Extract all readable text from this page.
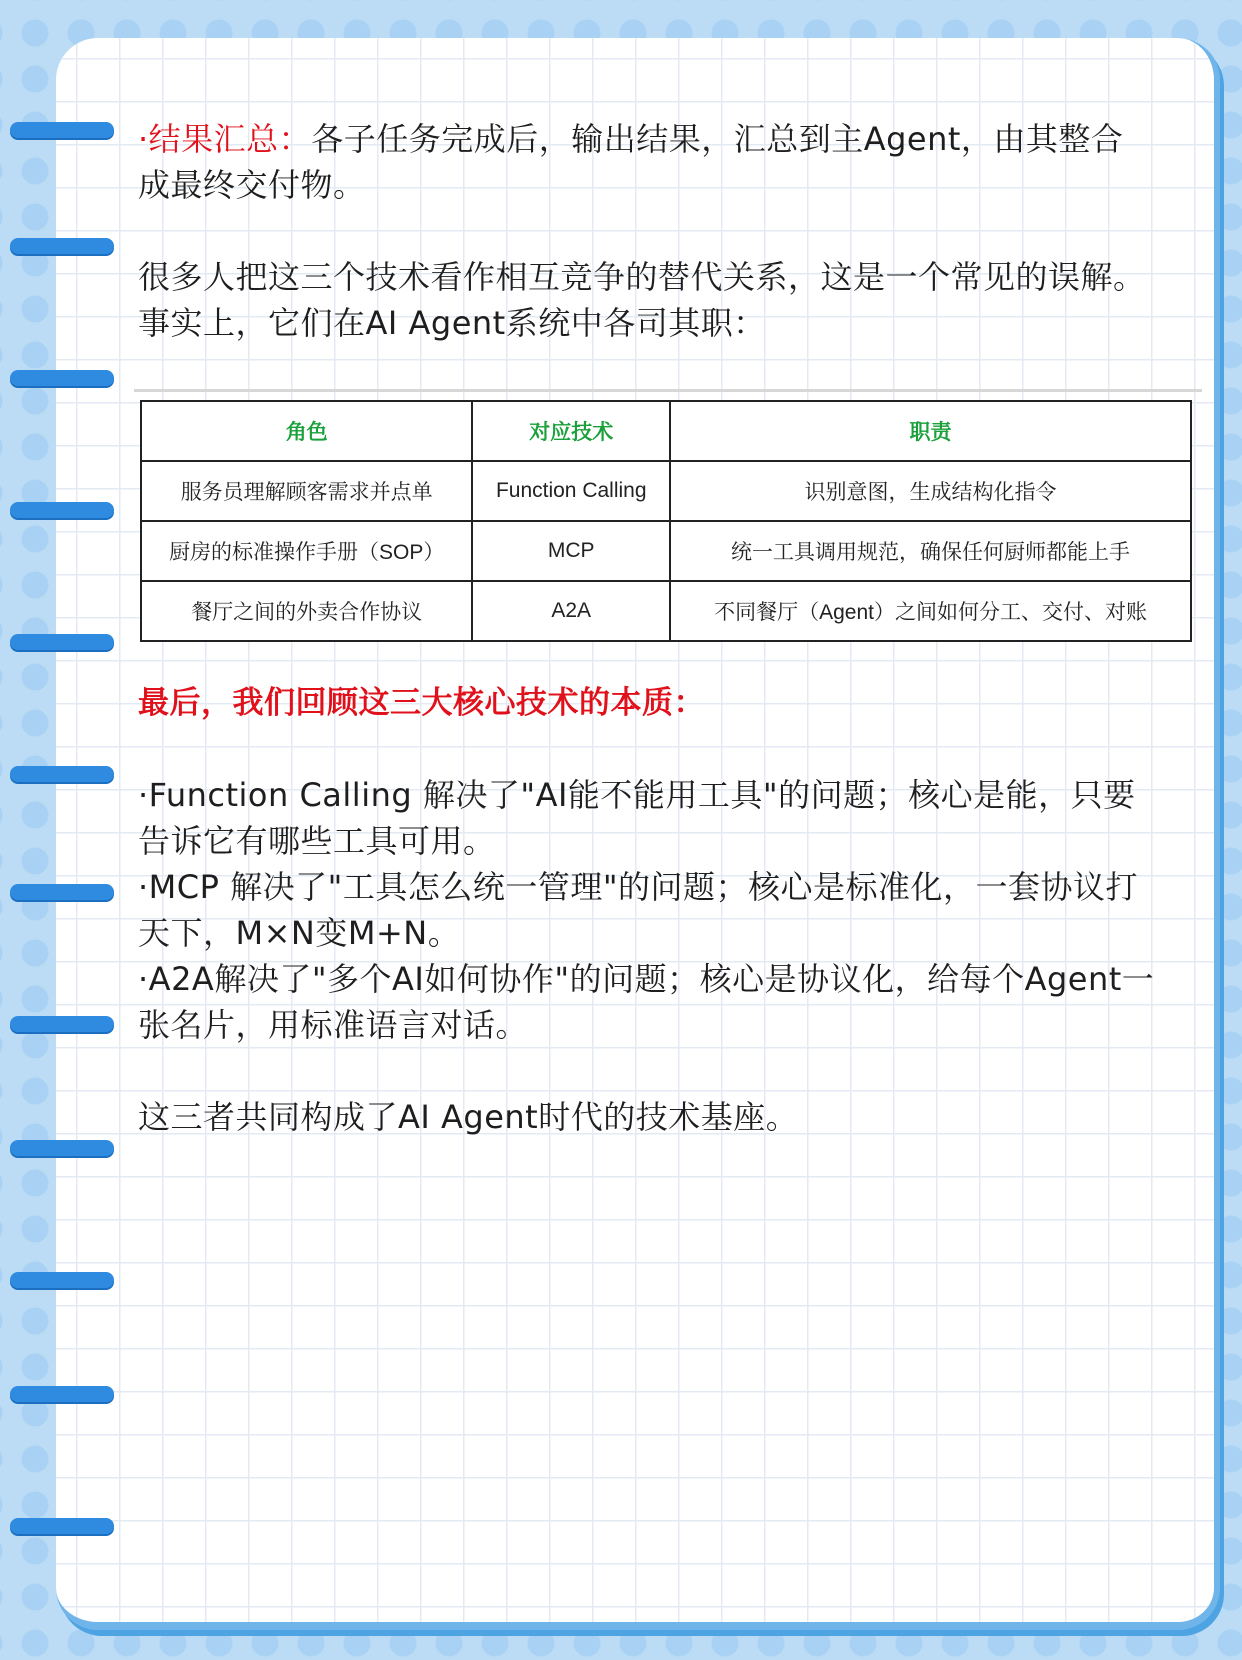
·结果汇总：各子任务完成后，输出结果，汇总到主Agent，由其整合

成最终交付物。

很多人把这三个技术看作相互竞争的替代关系，这是一个常见的误解。

事实上，它们在AI Agent系统中各司其职：

角色	对应技术	职责
服务员理解顾客需求并点单	Function Calling	识别意图，生成结构化指令
厨房的标准操作手册（SOP）	MCP	统一工具调用规范，确保任何厨师都能上手
餐厅之间的外卖合作协议	A2A	不同餐厅（Agent）之间如何分工、交付、对账

最后，我们回顾这三大核心技术的本质：

·Function Calling 解决了"AI能不能用工具"的问题；核心是能，只要

告诉它有哪些工具可用。

·MCP 解决了"工具怎么统一管理"的问题；核心是标准化，一套协议打

天下，M×N变M+N。

·A2A解决了"多个AI如何协作"的问题；核心是协议化，给每个Agent一

张名片，用标准语言对话。

这三者共同构成了AI Agent时代的技术基座。
